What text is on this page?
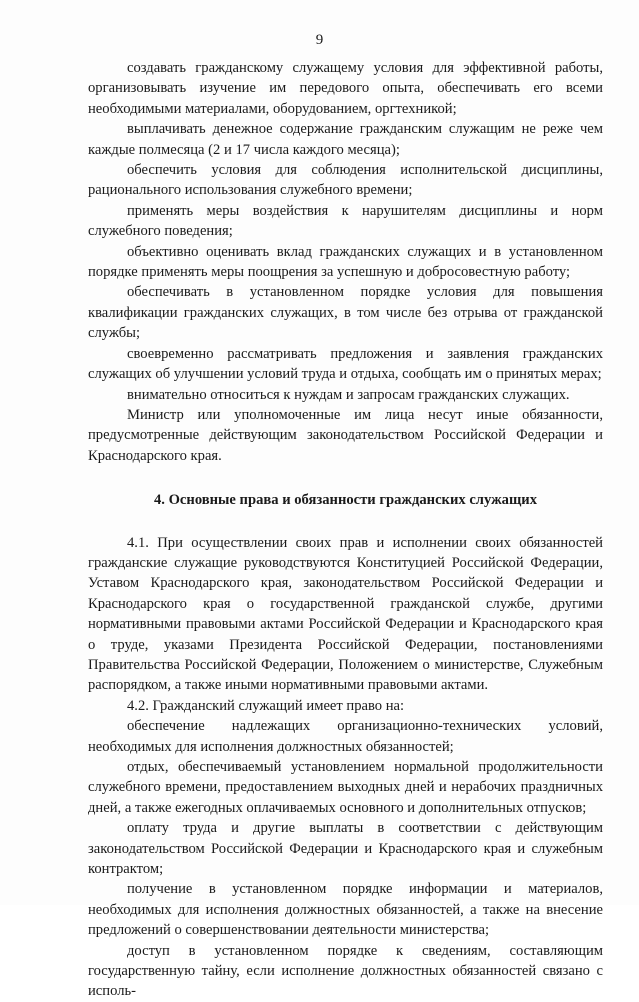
9

создавать гражданскому служащему условия для эффективной работы, организовывать изучение им передового опыта, обеспечивать его всеми необходимыми материалами, оборудованием, оргтехникой;

выплачивать денежное содержание гражданским служащим не реже чем каждые полмесяца (2 и 17 числа каждого месяца);

обеспечить условия для соблюдения исполнительской дисциплины, рационального использования служебного времени;

применять меры воздействия к нарушителям дисциплины и норм служебного поведения;

объективно оценивать вклад гражданских служащих и в установленном порядке применять меры поощрения за успешную и добросовестную работу;

обеспечивать в установленном порядке условия для повышения квалификации гражданских служащих, в том числе без отрыва от гражданской службы;

своевременно рассматривать предложения и заявления гражданских служащих об улучшении условий труда и отдыха, сообщать им о принятых мерах;

внимательно относиться к нуждам и запросам гражданских служащих.

Министр или уполномоченные им лица несут иные обязанности, предусмотренные действующим законодательством Российской Федерации и Краснодарского края.

4. Основные права и обязанности гражданских служащих

4.1. При осуществлении своих прав и исполнении своих обязанностей гражданские служащие руководствуются Конституцией Российской Федерации, Уставом Краснодарского края, законодательством Российской Федерации и Краснодарского края о государственной гражданской службе, другими нормативными правовыми актами Российской Федерации и Краснодарского края о труде, указами Президента Российской Федерации, постановлениями Правительства Российской Федерации, Положением о министерстве, Служебным распорядком, а также иными нормативными правовыми актами.

4.2. Гражданский служащий имеет право на:

обеспечение надлежащих организационно-технических условий, необходимых для исполнения должностных обязанностей;

отдых, обеспечиваемый установлением нормальной продолжительности служебного времени, предоставлением выходных дней и нерабочих праздничных дней, а также ежегодных оплачиваемых основного и дополнительных отпусков;

оплату труда и другие выплаты в соответствии с действующим законодательством Российской Федерации и Краснодарского края и служебным контрактом;

получение в установленном порядке информации и материалов, необходимых для исполнения должностных обязанностей, а также на внесение предложений о совершенствовании деятельности министерства;

доступ в установленном порядке к сведениям, составляющим государственную тайну, если исполнение должностных обязанностей связано с исполь-
